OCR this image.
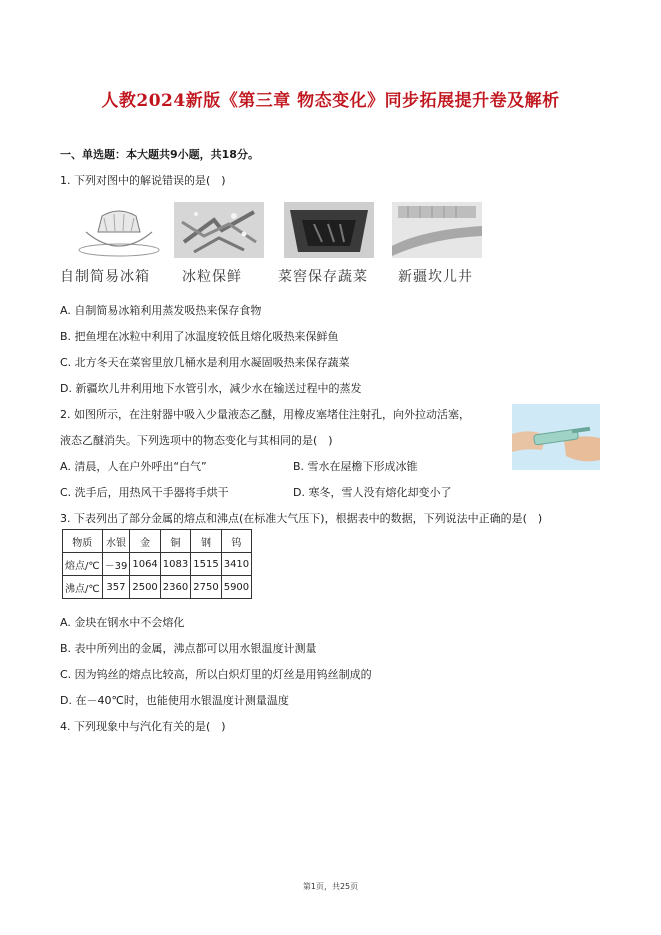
人教2024新版《第三章 物态变化》同步拓展提升卷及解析
一、单选题：本大题共9小题，共18分。
1. 下列对图中的解说错误的是(　)
自制简易冰箱 冰粒保鲜	菜窖保存蔬菜 新疆坎儿井
A. 自制简易冰箱利用蒸发吸热来保存食物
B. 把鱼埋在冰粒中利用了冰温度较低且熔化吸热来保鲜鱼
C. 北方冬天在菜窖里放几桶水是利用水凝固吸热来保存蔬菜
D. 新疆坎儿井利用地下水管引水，减少水在输送过程中的蒸发
2. 如图所示，在注射器中吸入少量液态乙醚，用橡皮塞堵住注射孔，向外拉动活塞，
液态乙醚消失。下列选项中的物态变化与其相同的是(　)
A. 清晨，人在户外呼出“白气”	B. 雪水在屋檐下形成冰锥
C. 洗手后，用热风干手器将手烘干	D. 寒冬，雪人没有熔化却变小了
3. 下表列出了部分金属的熔点和沸点(在标准大气压下)，根据表中的数据，下列说法中正确的是(　)
物质	水银	金	铜	钢	钨
熔点/℃	－39	1064	1083	1515	3410
沸点/℃	357	2500	2360	2750	5900
A. 金块在钢水中不会熔化
B. 表中所列出的金属，沸点都可以用水银温度计测量
C. 因为钨丝的熔点比较高，所以白炽灯里的灯丝是用钨丝制成的
D. 在－40℃时，也能使用水银温度计测量温度
4. 下列现象中与汽化有关的是(　)
第1页，共25页
